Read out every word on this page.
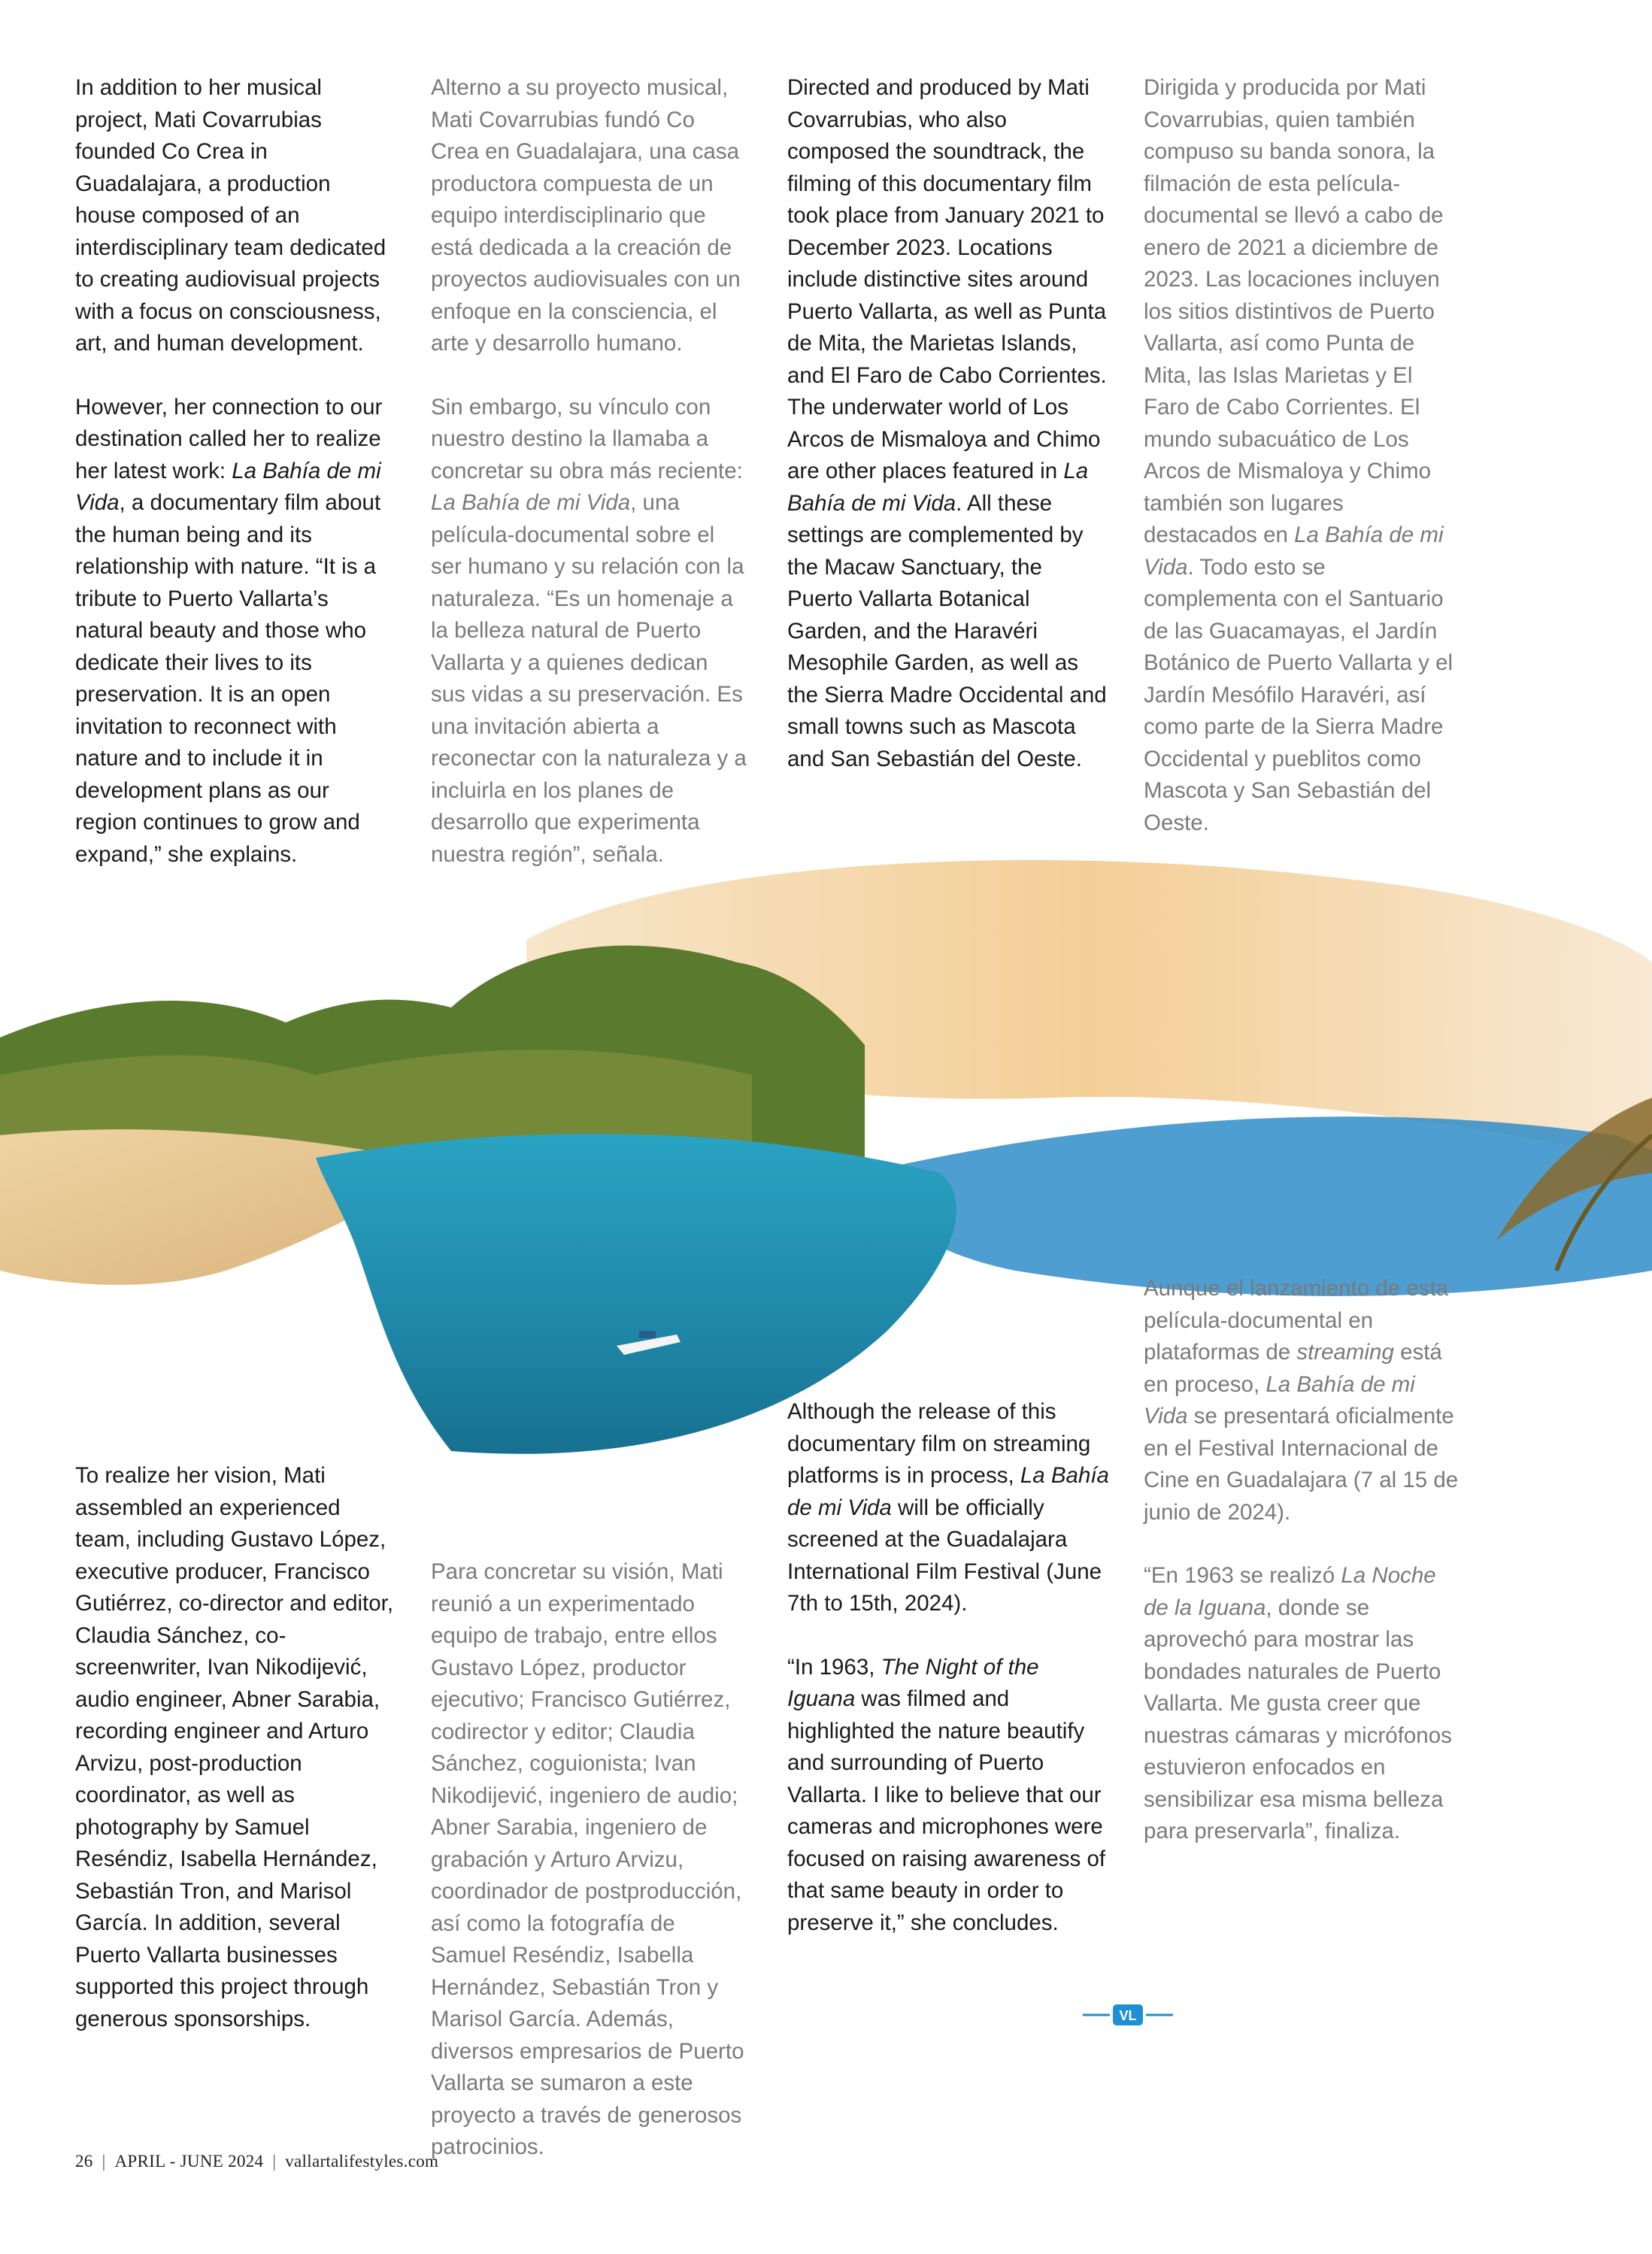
In addition to her musical project, Mati Covarrubias founded Co Crea in Guadalajara, a production house composed of an interdisciplinary team dedicated to creating audiovisual projects with a focus on consciousness, art, and human development.

However, her connection to our destination called her to realize her latest work: La Bahía de mi Vida, a documentary film about the human being and its relationship with nature. “It is a tribute to Puerto Vallarta’s natural beauty and those who dedicate their lives to its preservation. It is an open invitation to reconnect with nature and to include it in development plans as our region continues to grow and expand,” she explains.

Alterno a su proyecto musical, Mati Covarrubias fundó Co Crea en Guadalajara, una casa productora compuesta de un equipo interdisciplinario que está dedicada a la creación de proyectos audiovisuales con un enfoque en la consciencia, el arte y desarrollo humano.

Sin embargo, su vínculo con nuestro destino la llamaba a concretar su obra más reciente: La Bahía de mi Vida, una película-documental sobre el ser humano y su relación con la naturaleza. “Es un homenaje a la belleza natural de Puerto Vallarta y a quienes dedican sus vidas a su preservación. Es una invitación abierta a reconectar con la naturaleza y a incluirla en los planes de desarrollo que experimenta nuestra región”, señala.

Directed and produced by Mati Covarrubias, who also composed the soundtrack, the filming of this documentary film took place from January 2021 to December 2023. Locations include distinctive sites around Puerto Vallarta, as well as Punta de Mita, the Marietas Islands, and El Faro de Cabo Corrientes. The underwater world of Los Arcos de Mismaloya and Chimo are other places featured in La Bahía de mi Vida. All these settings are complemented by the Macaw Sanctuary, the Puerto Vallarta Botanical Garden, and the Haravéri Mesophile Garden, as well as the Sierra Madre Occidental and small towns such as Mascota and San Sebastián del Oeste.

Dirigida y producida por Mati Covarrubias, quien también compuso su banda sonora, la filmación de esta película-documental se llevó a cabo de enero de 2021 a diciembre de 2023. Las locaciones incluyen los sitios distintivos de Puerto Vallarta, así como Punta de Mita, las Islas Marietas y El Faro de Cabo Corrientes. El mundo subacuático de Los Arcos de Mismaloya y Chimo también son lugares destacados en La Bahía de mi Vida. Todo esto se complementa con el Santuario de las Guacamayas, el Jardín Botánico de Puerto Vallarta y el Jardín Mesófilo Haravéri, así como parte de la Sierra Madre Occidental y pueblitos como Mascota y San Sebastián del Oeste.

To realize her vision, Mati assembled an experienced team, including Gustavo López, executive producer, Francisco Gutiérrez, co-director and editor, Claudia Sánchez, co-screenwriter, Ivan Nikodijević, audio engineer, Abner Sarabia, recording engineer and Arturo Arvizu, post-production coordinator, as well as photography by Samuel Reséndiz, Isabella Hernández, Sebastián Tron, and Marisol García. In addition, several Puerto Vallarta businesses supported this project through generous sponsorships.

Para concretar su visión, Mati reunió a un experimentado equipo de trabajo, entre ellos Gustavo López, productor ejecutivo; Francisco Gutiérrez, codirector y editor; Claudia Sánchez, coguionista; Ivan Nikodijević, ingeniero de audio; Abner Sarabia, ingeniero de grabación y Arturo Arvizu, coordinador de postproducción, así como la fotografía de Samuel Reséndiz, Isabella Hernández, Sebastián Tron y Marisol García. Además, diversos empresarios de Puerto Vallarta se sumaron a este proyecto a través de generosos patrocinios.

Although the release of this documentary film on streaming platforms is in process, La Bahía de mi Vida will be officially screened at the Guadalajara International Film Festival (June 7th to 15th, 2024).

“In 1963, The Night of the Iguana was filmed and highlighted the nature beautify and surrounding of Puerto Vallarta. I like to believe that our cameras and microphones were focused on raising awareness of that same beauty in order to preserve it,” she concludes.

Aunque el lanzamiento de esta película-documental en plataformas de streaming está en proceso, La Bahía de mi Vida se presentará oficialmente en el Festival Internacional de Cine en Guadalajara (7 al 15 de junio de 2024).

“En 1963 se realizó La Noche de la Iguana, donde se aprovechó para mostrar las bondades naturales de Puerto Vallarta. Me gusta creer que nuestras cámaras y micrófonos estuvieron enfocados en sensibilizar esa misma belleza para preservarla”, finaliza.

VL
26 | APRIL - JUNE 2024 | vallartalifestyles.com
